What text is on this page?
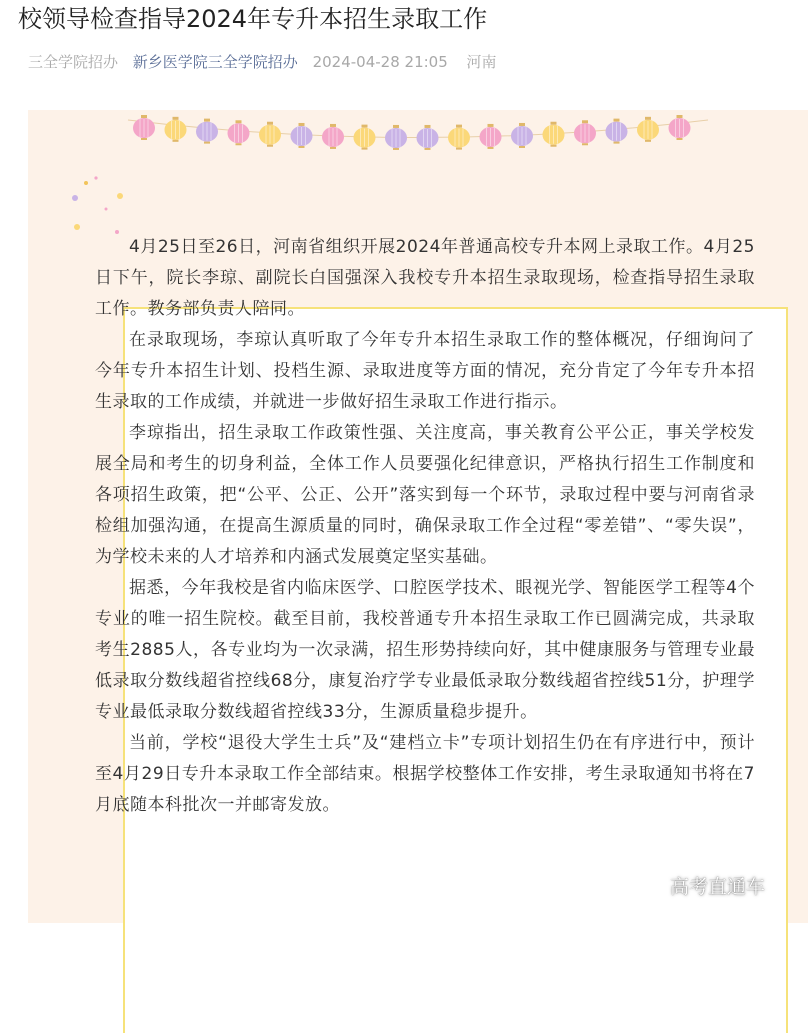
校领导检查指导2024年专升本招生录取工作
三全学院招办 新乡医学院三全学院招办 2024-04-28 21:05 河南

4月25日至26日，河南省组织开展2024年普通高校专升本网上录取工作。4月25日下午，院长李琼、副院长白国强深入我校专升本招生录取现场，检查指导招生录取工作。教务部负责人陪同。

在录取现场，李琼认真听取了今年专升本招生录取工作的整体概况，仔细询问了今年专升本招生计划、投档生源、录取进度等方面的情况，充分肯定了今年专升本招生录取的工作成绩，并就进一步做好招生录取工作进行指示。

李琼指出，招生录取工作政策性强、关注度高，事关教育公平公正，事关学校发展全局和考生的切身利益，全体工作人员要强化纪律意识，严格执行招生工作制度和各项招生政策，把“公平、公正、公开”落实到每一个环节，录取过程中要与河南省录检组加强沟通，在提高生源质量的同时，确保录取工作全过程“零差错”、“零失误”，为学校未来的人才培养和内涵式发展奠定坚实基础。

据悉，今年我校是省内临床医学、口腔医学技术、眼视光学、智能医学工程等4个专业的唯一招生院校。截至目前，我校普通专升本招生录取工作已圆满完成，共录取考生2885人，各专业均为一次录满，招生形势持续向好，其中健康服务与管理专业最低录取分数线超省控线68分，康复治疗学专业最低录取分数线超省控线51分，护理学专业最低录取分数线超省控线33分，生源质量稳步提升。

当前，学校“退役大学生士兵”及“建档立卡”专项计划招生仍在有序进行中，预计至4月29日专升本录取工作全部结束。根据学校整体工作安排，考生录取通知书将在7月底随本科批次一并邮寄发放。

高考直通车
